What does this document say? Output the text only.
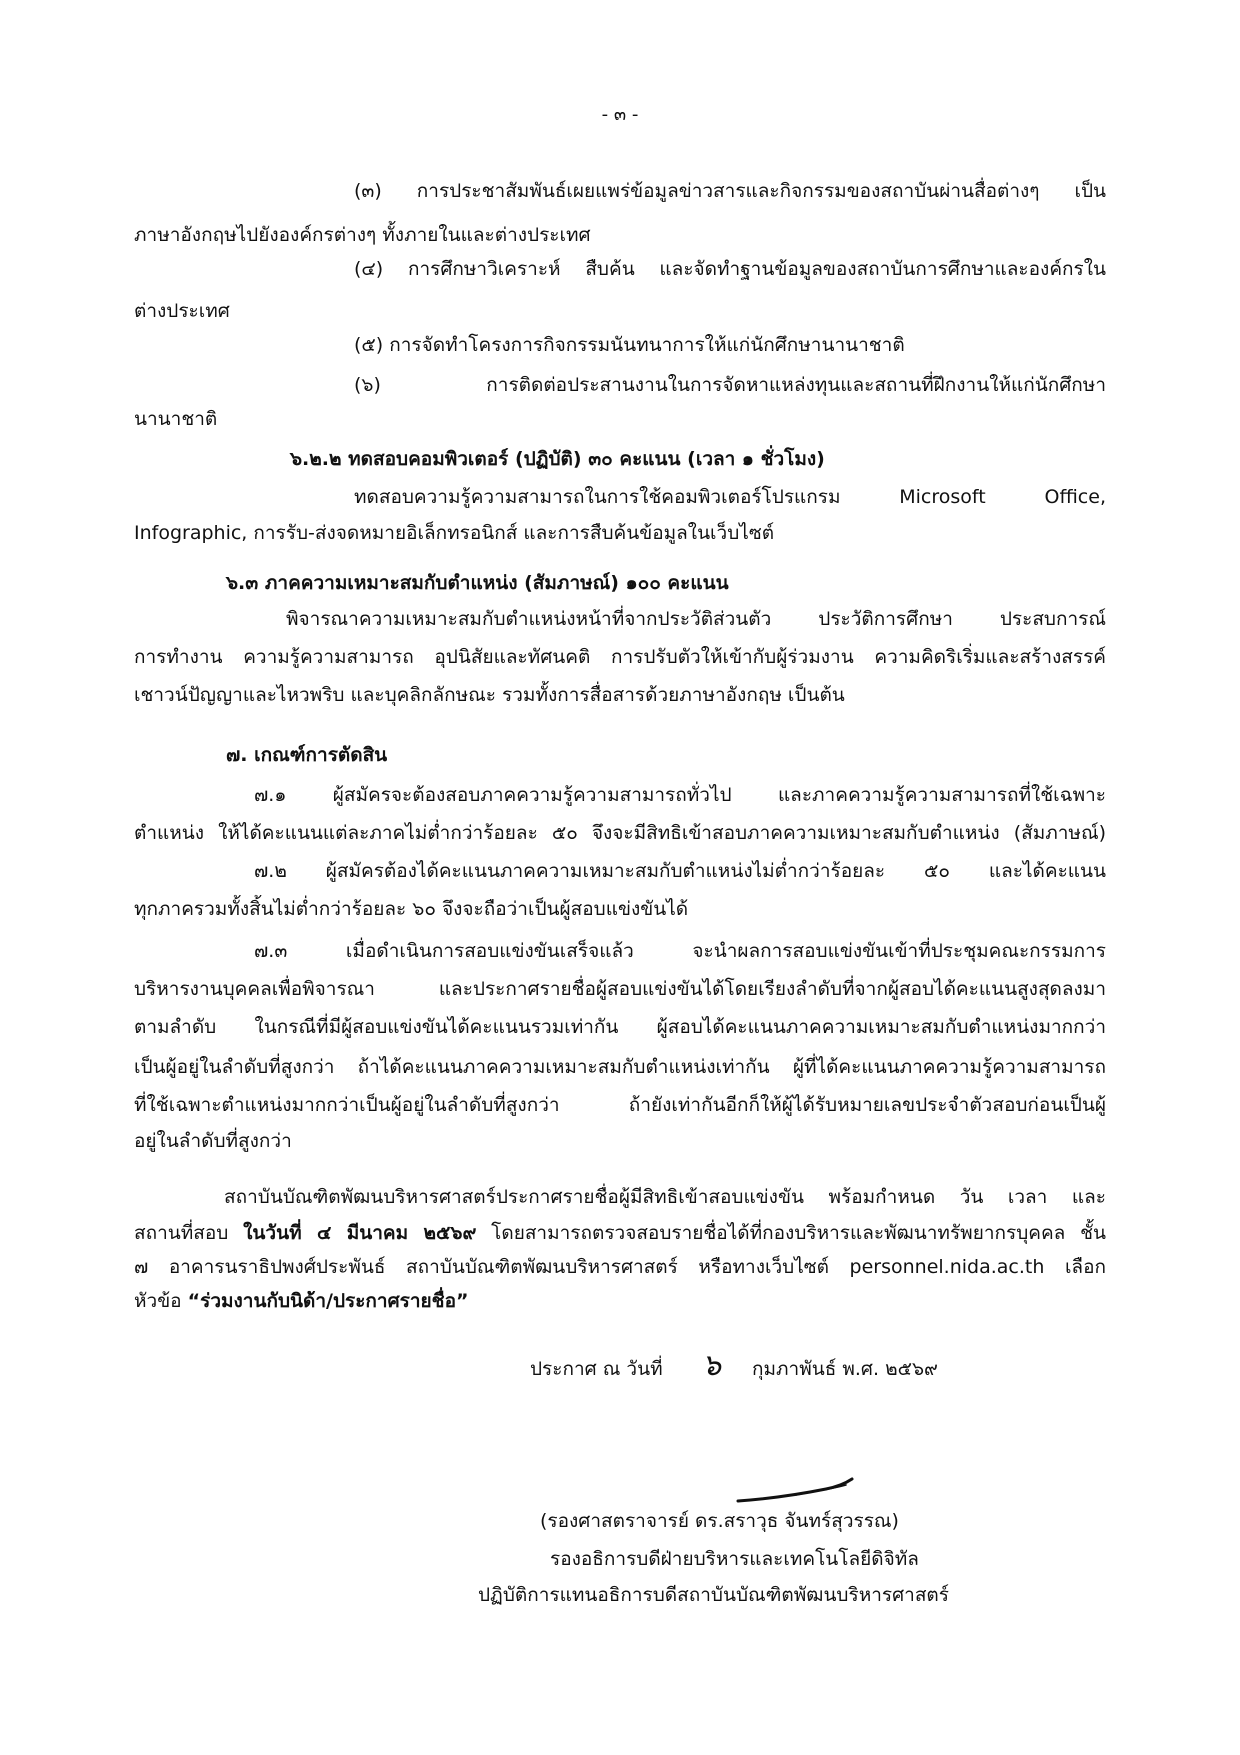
- ๓ -
(๓) การประชาสัมพันธ์เผยแพร่ข้อมูลข่าวสารและกิจกรรมของสถาบันผ่านสื่อต่างๆ เป็น
ภาษาอังกฤษไปยังองค์กรต่างๆ ทั้งภายในและต่างประเทศ
(๔) การศึกษาวิเคราะห์ สืบค้น และจัดทำฐานข้อมูลของสถาบันการศึกษาและองค์กรใน
ต่างประเทศ
(๕) การจัดทำโครงการกิจกรรมนันทนาการให้แก่นักศึกษานานาชาติ
(๖) การติดต่อประสานงานในการจัดหาแหล่งทุนและสถานที่ฝึกงานให้แก่นักศึกษา
นานาชาติ
๖.๒.๒ ทดสอบคอมพิวเตอร์ (ปฏิบัติ) ๓๐ คะแนน (เวลา ๑ ชั่วโมง)
ทดสอบความรู้ความสามารถในการใช้คอมพิวเตอร์โปรแกรม Microsoft Office,
Infographic, การรับ-ส่งจดหมายอิเล็กทรอนิกส์ และการสืบค้นข้อมูลในเว็บไซต์
๖.๓ ภาคความเหมาะสมกับตำแหน่ง (สัมภาษณ์) ๑๐๐ คะแนน
พิจารณาความเหมาะสมกับตำแหน่งหน้าที่จากประวัติส่วนตัว ประวัติการศึกษา ประสบการณ์
การทำงาน ความรู้ความสามารถ อุปนิสัยและทัศนคติ การปรับตัวให้เข้ากับผู้ร่วมงาน ความคิดริเริ่มและสร้างสรรค์
เชาวน์ปัญญาและไหวพริบ และบุคลิกลักษณะ รวมทั้งการสื่อสารด้วยภาษาอังกฤษ เป็นต้น
๗. เกณฑ์การตัดสิน
๗.๑ ผู้สมัครจะต้องสอบภาคความรู้ความสามารถทั่วไป และภาคความรู้ความสามารถที่ใช้เฉพาะ
ตำแหน่ง ให้ได้คะแนนแต่ละภาคไม่ต่ำกว่าร้อยละ ๕๐ จึงจะมีสิทธิเข้าสอบภาคความเหมาะสมกับตำแหน่ง (สัมภาษณ์)
๗.๒ ผู้สมัครต้องได้คะแนนภาคความเหมาะสมกับตำแหน่งไม่ต่ำกว่าร้อยละ ๕๐ และได้คะแนน
ทุกภาครวมทั้งสิ้นไม่ต่ำกว่าร้อยละ ๖๐ จึงจะถือว่าเป็นผู้สอบแข่งขันได้
๗.๓ เมื่อดำเนินการสอบแข่งขันเสร็จแล้ว จะนำผลการสอบแข่งขันเข้าที่ประชุมคณะกรรมการ
บริหารงานบุคคลเพื่อพิจารณา และประกาศรายชื่อผู้สอบแข่งขันได้โดยเรียงลำดับที่จากผู้สอบได้คะแนนสูงสุดลงมา
ตามลำดับ ในกรณีที่มีผู้สอบแข่งขันได้คะแนนรวมเท่ากัน ผู้สอบได้คะแนนภาคความเหมาะสมกับตำแหน่งมากกว่า
เป็นผู้อยู่ในลำดับที่สูงกว่า ถ้าได้คะแนนภาคความเหมาะสมกับตำแหน่งเท่ากัน ผู้ที่ได้คะแนนภาคความรู้ความสามารถ
ที่ใช้เฉพาะตำแหน่งมากกว่าเป็นผู้อยู่ในลำดับที่สูงกว่า ถ้ายังเท่ากันอีกก็ให้ผู้ได้รับหมายเลขประจำตัวสอบก่อนเป็นผู้
อยู่ในลำดับที่สูงกว่า
สถาบันบัณฑิตพัฒนบริหารศาสตร์ประกาศรายชื่อผู้มีสิทธิเข้าสอบแข่งขัน พร้อมกำหนด วัน เวลา และ
สถานที่สอบ ในวันที่ ๔ มีนาคม ๒๕๖๙ โดยสามารถตรวจสอบรายชื่อได้ที่กองบริหารและพัฒนาทรัพยากรบุคคล ชั้น
๗ อาคารนราธิปพงศ์ประพันธ์ สถาบันบัณฑิตพัฒนบริหารศาสตร์ หรือทางเว็บไซต์ personnel.nida.ac.th เลือก
หัวข้อ “ร่วมงานกับนิด้า/ประกาศรายชื่อ”
ประกาศ ณ วันที่ ๖ กุมภาพันธ์ พ.ศ. ๒๕๖๙
(รองศาสตราจารย์ ดร.สราวุธ จันทร์สุวรรณ)
รองอธิการบดีฝ่ายบริหารและเทคโนโลยีดิจิทัล
ปฏิบัติการแทนอธิการบดีสถาบันบัณฑิตพัฒนบริหารศาสตร์
